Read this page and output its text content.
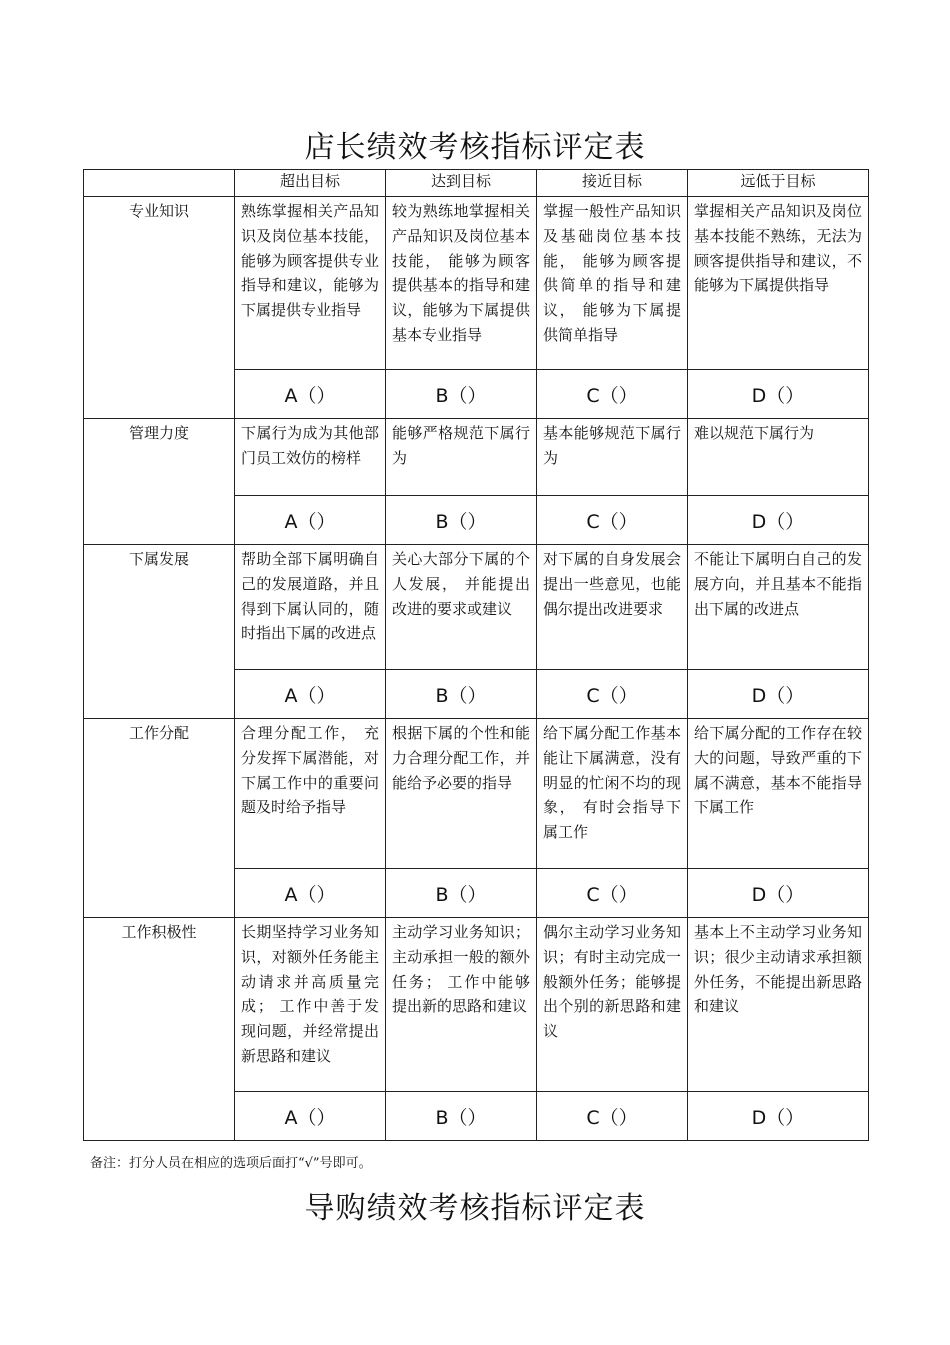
店长绩效考核指标评定表
	超出目标	达到目标	接近目标	远低于目标
专业知识	熟练掌握相关产品知识及岗位基本技能，能够为顾客提供专业指导和建议，能够为下属提供专业指导	较为熟练地掌握相关产品知识及岗位基本技能， 能够为顾客提供基本的指导和建议，能够为下属提供基本专业指导	掌握一般性产品知识及基础岗位基本技能， 能够为顾客提供简单的指导和建议， 能够为下属提供简单指导	掌握相关产品知识及岗位基本技能不熟练，无法为顾客提供指导和建议，不能够为下属提供指导
	A（）	B（）	C（）	D（）
管理力度	下属行为成为其他部门员工效仿的榜样	能够严格规范下属行为	基本能够规范下属行为	难以规范下属行为
	A（）	B（）	C（）	D（）
下属发展	帮助全部下属明确自己的发展道路，并且得到下属认同的，随时指出下属的改进点	关心大部分下属的个人发展， 并能提出改进的要求或建议	对下属的自身发展会提出一些意见，也能偶尔提出改进要求	不能让下属明白自己的发展方向，并且基本不能指出下属的改进点
	A（）	B（）	C（）	D（）
工作分配	合理分配工作， 充分发挥下属潜能，对下属工作中的重要问题及时给予指导	根据下属的个性和能力合理分配工作，并能给予必要的指导	给下属分配工作基本能让下属满意，没有明显的忙闲不均的现象， 有时会指导下属工作	给下属分配的工作存在较大的问题，导致严重的下属不满意，基本不能指导下属工作
	A（）	B（）	C（）	D（）
工作积极性	长期坚持学习业务知识，对额外任务能主动请求并高质量完成； 工作中善于发现问题，并经常提出新思路和建议	主动学习业务知识；主动承担一般的额外任务； 工作中能够提出新的思路和建议	偶尔主动学习业务知识；有时主动完成一般额外任务；能够提出个别的新思路和建议	基本上不主动学习业务知识；很少主动请求承担额外任务，不能提出新思路和建议
	A（）	B（）	C（）	D（）
备注：打分人员在相应的选项后面打“√”号即可。
导购绩效考核指标评定表
